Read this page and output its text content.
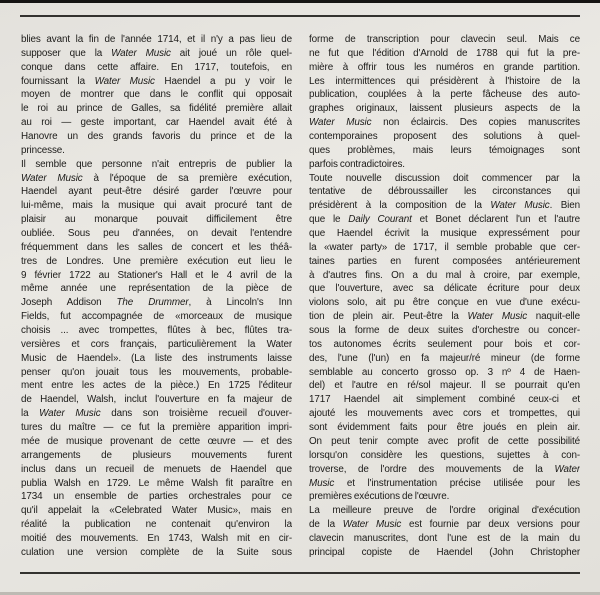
blies avant la fin de l'année 1714, et il n'y a pas lieu de
supposer que la Water Music ait joué un rôle quel-
conque dans cette affaire. En 1717, toutefois, en
fournissant la Water Music Haendel a pu y voir le
moyen de montrer que dans le conflit qui opposait
le roi au prince de Galles, sa fidélité première allait
au roi — geste important, car Haendel avait été à
Hanovre un des grands favoris du prince et de la
princesse.
Il semble que personne n'ait entrepris de publier la
Water Music à l'époque de sa première exécution,
Haendel ayant peut-être désiré garder l'œuvre pour
lui-même, mais la musique qui avait procuré tant de
plaisir au monarque pouvait difficilement être
oubliée. Sous peu d'années, on devait l'entendre
fréquemment dans les salles de concert et les théâ-
tres de Londres. Une première exécution eut lieu le
9 février 1722 au Stationer's Hall et le 4 avril de la
même année une représentation de la pièce de
Joseph Addison The Drummer, à Lincoln's Inn
Fields, fut accompagnée de «morceaux de musique
choisis ... avec trompettes, flûtes à bec, flûtes tra-
versières et cors français, particulièrement la Water
Music de Haendel». (La liste des instruments laisse
penser qu'on jouait tous les mouvements, probable-
ment entre les actes de la pièce.) En 1725 l'éditeur
de Haendel, Walsh, inclut l'ouverture en fa majeur de
la Water Music dans son troisième recueil d'ouver-
tures du maître — ce fut la première apparition impri-
mée de musique provenant de cette œuvre — et des
arrangements de plusieurs mouvements furent
inclus dans un recueil de menuets de Haendel que
publia Walsh en 1729. Le même Walsh fit paraître en
1734 un ensemble de parties orchestrales pour ce
qu'il appelait la «Celebrated Water Music», mais en
réalité la publication ne contenait qu'environ la
moitié des mouvements. En 1743, Walsh mit en cir-
culation une version complète de la Suite sous
forme de transcription pour clavecin seul. Mais ce
ne fut que l'édition d'Arnold de 1788 qui fut la pre-
mière à offrir tous les numéros en grande partition.
Les intermittences qui présidèrent à l'histoire de la
publication, couplées à la perte fâcheuse des auto-
graphes originaux, laissent plusieurs aspects de la
Water Music non éclaircis. Des copies manuscrites
contemporaines proposent des solutions à quel-
ques problèmes, mais leurs témoignages sont
parfois contradictoires.
Toute nouvelle discussion doit commencer par la
tentative de débroussailler les circonstances qui
présidèrent à la composition de la Water Music. Bien
que le Daily Courant et Bonet déclarent l'un et l'autre
que Haendel écrivit la musique expressément pour
la «water party» de 1717, il semble probable que cer-
taines parties en furent composées antérieurement
à d'autres fins. On a du mal à croire, par exemple,
que l'ouverture, avec sa délicate écriture pour deux
violons solo, ait pu être conçue en vue d'une exécu-
tion de plein air. Peut-être la Water Music naquit-elle
sous la forme de deux suites d'orchestre ou concer-
tos autonomes écrits seulement pour bois et cor-
des, l'une (l'un) en fa majeur/ré mineur (de forme
semblable au concerto grosso op. 3 nº 4 de Haen-
del) et l'autre en ré/sol majeur. Il se pourrait qu'en
1717 Haendel ait simplement combiné ceux-ci et
ajouté les mouvements avec cors et trompettes, qui
sont évidemment faits pour être joués en plein air.
On peut tenir compte avec profit de cette possibilité
lorsqu'on considère les questions, sujettes à con-
troverse, de l'ordre des mouvements de la Water
Music et l'instrumentation précise utilisée pour les
premières exécutions de l'œuvre.
La meilleure preuve de l'ordre original d'exécution
de la Water Music est fournie par deux versions pour
clavecin manuscrites, dont l'une est de la main du
principal copiste de Haendel (John Christopher
